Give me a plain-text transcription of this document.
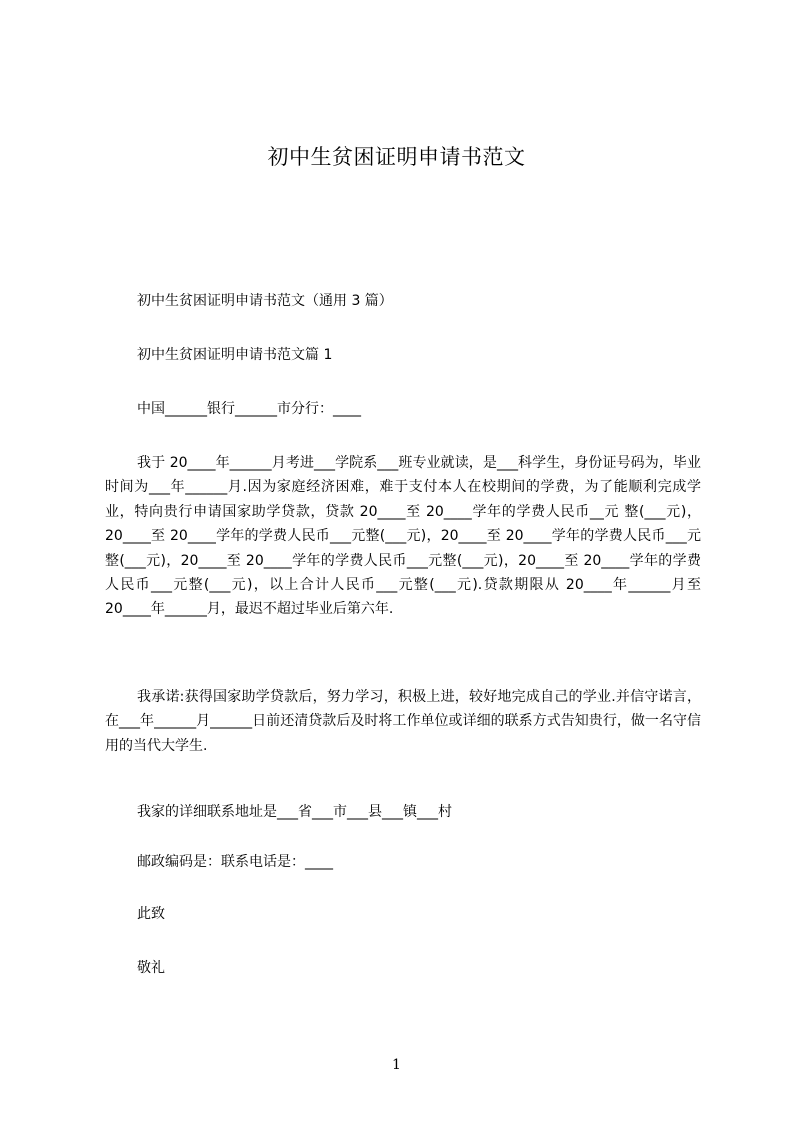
初中生贫困证明申请书范文
初中生贫困证明申请书范文（通用 3 篇）
初中生贫困证明申请书范文篇 1
中国______银行______市分行：____
我于 20____年______月考进___学院系___班专业就读，是___科学生，身份证号码为，毕业时间为___年______月.因为家庭经济困难，难于支付本人在校期间的学费，为了能顺利完成学业，特向贵行申请国家助学贷款，贷款 20____至 20____学年的学费人民币__元 整(___元)，20____至 20____学年的学费人民币___元整(___元)，20____至 20____学年的学费人民币___元整(___元)，20____至 20____学年的学费人民币___元整(___元)，20____至 20____学年的学费人民币___元整(___元)，以上合计人民币___元整(___元).贷款期限从 20____年______月至 20____年______月，最迟不超过毕业后第六年.
我承诺:获得国家助学贷款后，努力学习，积极上进，较好地完成自己的学业.并信守诺言，在___年______月______日前还清贷款后及时将工作单位或详细的联系方式告知贵行，做一名守信用的当代大学生.
我家的详细联系地址是___省___市___县___镇___村
邮政编码是：联系电话是：____
此致
敬礼
1
